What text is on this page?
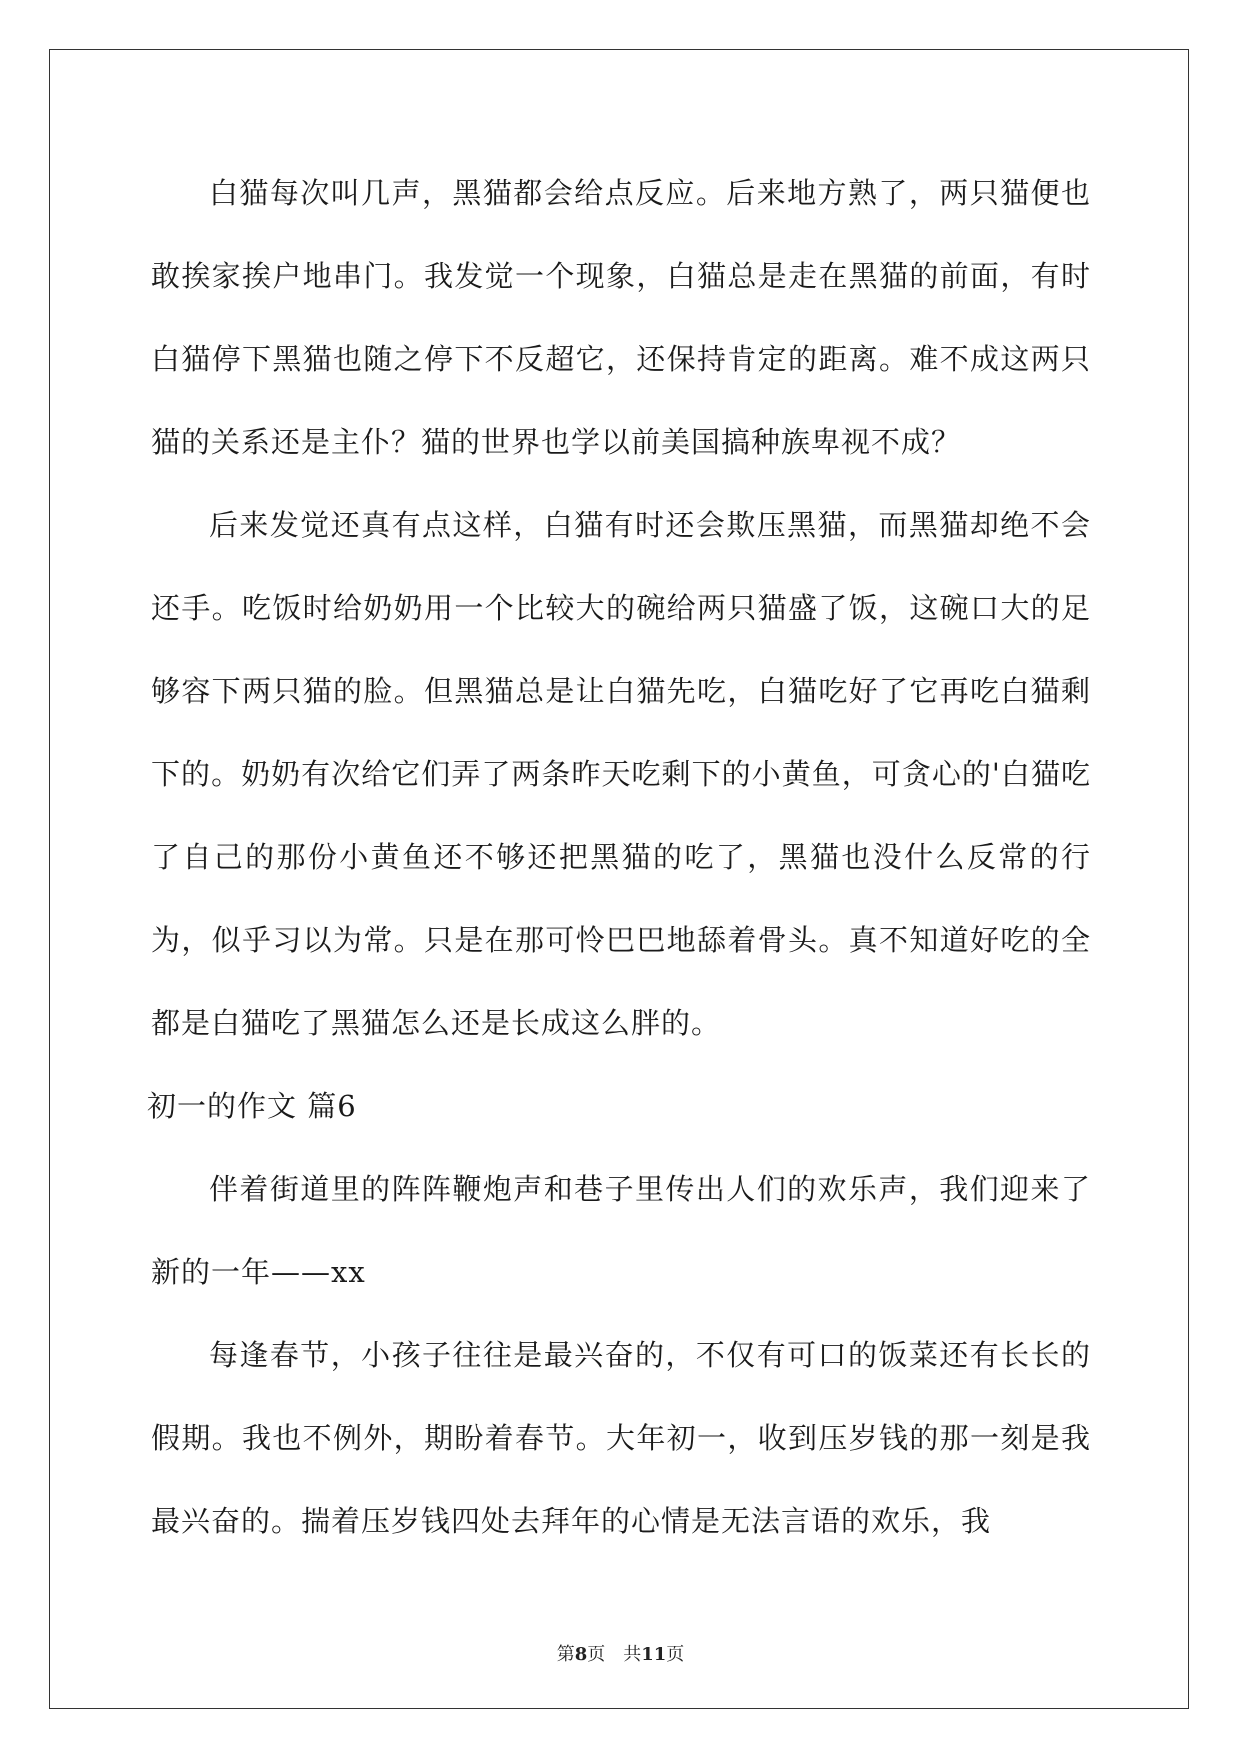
白猫每次叫几声，黑猫都会给点反应。后来地方熟了，两只猫便也敢挨家挨户地串门。我发觉一个现象，白猫总是走在黑猫的前面，有时白猫停下黑猫也随之停下不反超它，还保持肯定的距离。难不成这两只猫的关系还是主仆？猫的世界也学以前美国搞种族卑视不成？

后来发觉还真有点这样，白猫有时还会欺压黑猫，而黑猫却绝不会还手。吃饭时给奶奶用一个比较大的碗给两只猫盛了饭，这碗口大的足够容下两只猫的脸。但黑猫总是让白猫先吃，白猫吃好了它再吃白猫剩下的。奶奶有次给它们弄了两条昨天吃剩下的小黄鱼，可贪心的'白猫吃了自己的那份小黄鱼还不够还把黑猫的吃了，黑猫也没什么反常的行为，似乎习以为常。只是在那可怜巴巴地舔着骨头。真不知道好吃的全都是白猫吃了黑猫怎么还是长成这么胖的。

初一的作文 篇6

伴着街道里的阵阵鞭炮声和巷子里传出人们的欢乐声，我们迎来了新的一年——xx

每逢春节，小孩子往往是最兴奋的，不仅有可口的饭菜还有长长的假期。我也不例外，期盼着春节。大年初一，收到压岁钱的那一刻是我最兴奋的。揣着压岁钱四处去拜年的心情是无法言语的欢乐，我

第8页　共11页
